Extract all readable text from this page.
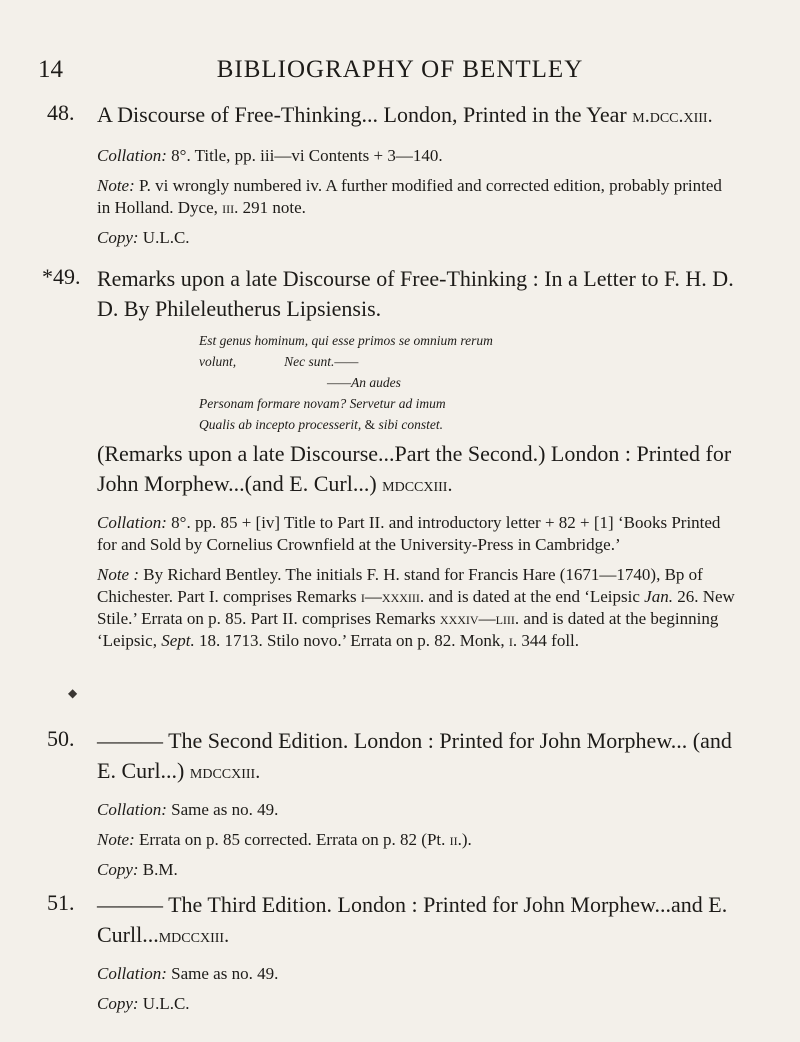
14	BIBLIOGRAPHY OF BENTLEY
48. A Discourse of Free-Thinking... London, Printed in the Year m.dcc.xiii.

Collation: 8°. Title, pp. iii—vi Contents + 3—140.

Note: P. vi wrongly numbered iv. A further modified and corrected edition, probably printed in Holland. Dyce, iii. 291 note.

Copy: U.L.C.

*49. Remarks upon a late Discourse of Free-Thinking : In a Letter to F. H. D. D. By Phileleutherus Lipsiensis.

Est genus hominum, qui esse primos se omnium rerum
volunt,	Nec sunt.——
——An audes
Personam formare novam? Servetur ad imum
Qualis ab incepto processerit, & sibi constet.

(Remarks upon a late Discourse...Part the Second.) London : Printed for John Morphew...(and E. Curl...) mdccxiii.

Collation: 8°. pp. 85 + [iv] Title to Part II. and introductory letter + 82 + [1] ‘Books Printed for and Sold by Cornelius Crownfield at the University-Press in Cambridge.’

Note : By Richard Bentley. The initials F. H. stand for Francis Hare (1671—1740), Bp of Chichester. Part I. comprises Remarks i—xxxiii. and is dated at the end ‘Leipsic Jan. 26. New Stile.’ Errata on p. 85. Part II. comprises Remarks xxxiv—liii. and is dated at the beginning ‘Leipsic, Sept. 18. 1713. Stilo novo.’ Errata on p. 82. Monk, i. 344 foll.

◆
50. ——— The Second Edition. London : Printed for John Morphew... (and E. Curl...) mdccxiii.

Collation: Same as no. 49.

Note: Errata on p. 85 corrected. Errata on p. 82 (Pt. ii.).

Copy: B.M.

51. ——— The Third Edition. London : Printed for John Morphew...and E. Curll...mdccxiii.

Collation: Same as no. 49.

Copy: U.L.C.
